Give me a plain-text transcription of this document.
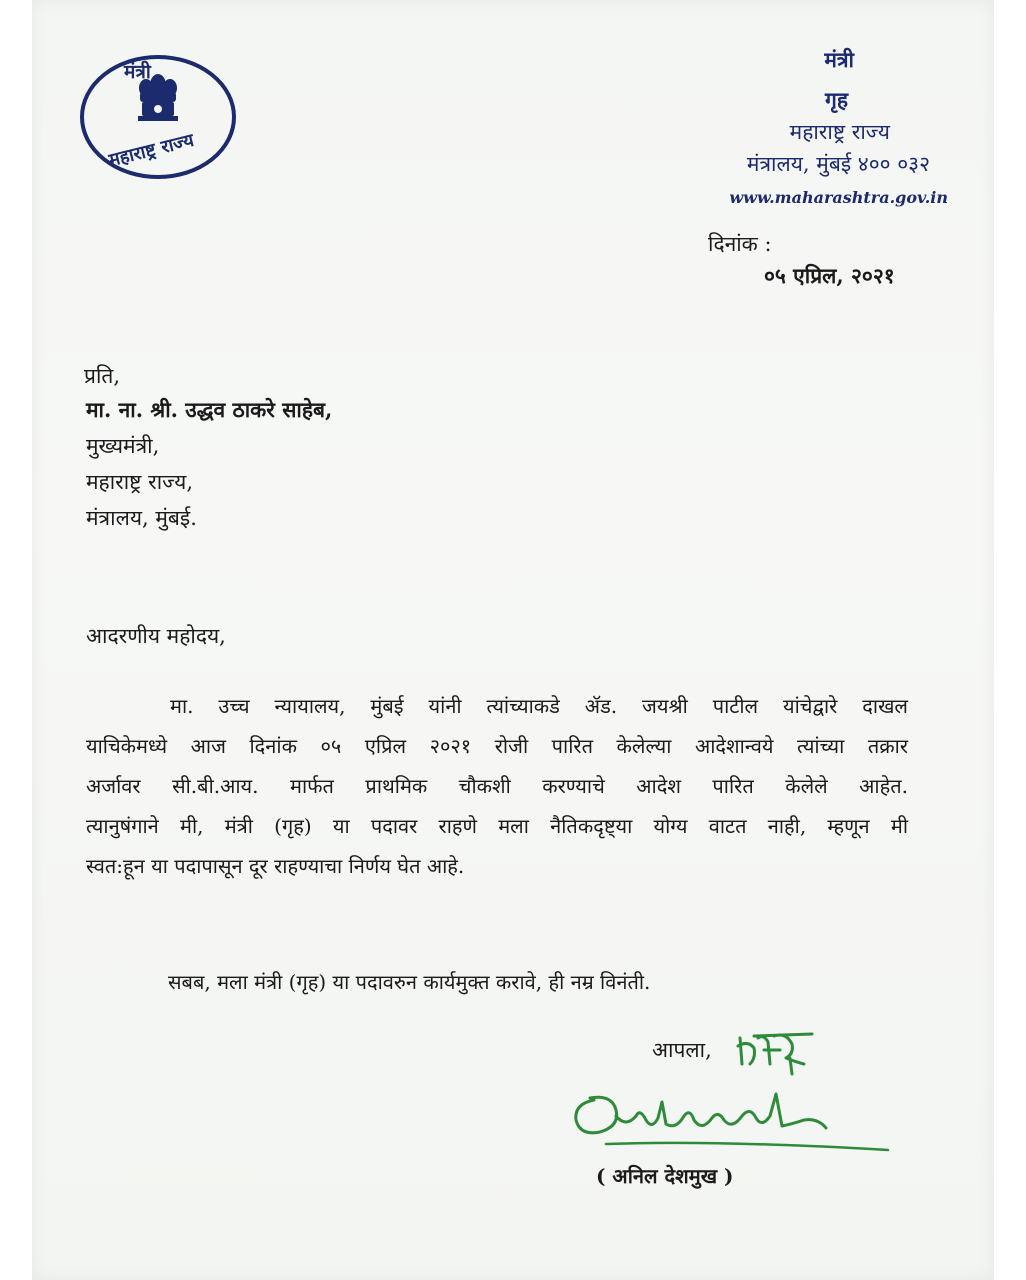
मंत्री
महाराष्ट्र राज्य
मंत्री
गृह
महाराष्ट्र राज्य
मंत्रालय, मुंबई ४०० ०३२
www.maharashtra.gov.in
दिनांक :
०५ एप्रिल, २०२१
प्रति,
मा. ना. श्री. उद्धव ठाकरे साहेब,
मुख्यमंत्री,
महाराष्ट्र राज्य,
मंत्रालय, मुंबई.
आदरणीय महोदय,
मा. उच्च न्यायालय, मुंबई यांनी त्यांच्याकडे ॲड. जयश्री पाटील यांचेद्वारे दाखल
याचिकेमध्ये आज दिनांक ०५ एप्रिल २०२१ रोजी पारित केलेल्या आदेशान्वये त्यांच्या तक्रार
अर्जावर सी.बी.आय. मार्फत प्राथमिक चौकशी करण्याचे आदेश पारित केलेले आहेत.
त्यानुषंगाने मी, मंत्री (गृह) या पदावर राहणे मला नैतिकदृष्ट्या योग्य वाटत नाही, म्हणून मी
स्वत:हून या पदापासून दूर राहण्याचा निर्णय घेत आहे.
सबब, मला मंत्री (गृह) या पदावरुन कार्यमुक्त करावे, ही नम्र विनंती.
आपला,
( अनिल देशमुख )
